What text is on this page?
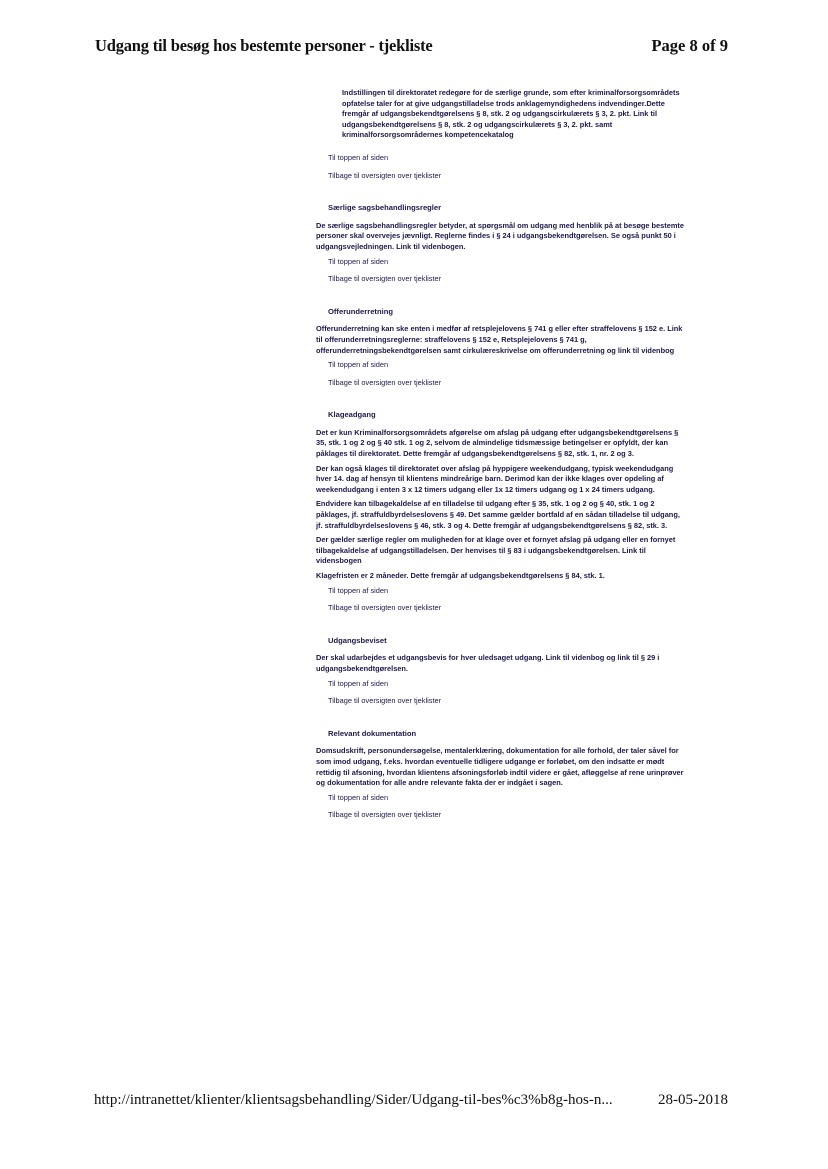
Udgang til besøg hos bestemte personer - tjekliste	Page 8 of 9

Indstillingen til direktoratet redegøre for de særlige grunde, som efter kriminalforsorgsområdets opfatelse taler for at give udgangstilladelse trods anklagemyndighedens indvendinger.Dette fremgår af udgangsbekendtgørelsens § 8, stk. 2 og udgangscirkulærets § 3, 2. pkt. Link til udgangsbekendtgørelsens § 8, stk. 2 og udgangscirkulærets § 3, 2. pkt. samt kriminalforsorgsområdernes kompetencekatalog

Til toppen af siden
Tilbage til oversigten over tjeklister
Særlige sagsbehandlingsregler

De særlige sagsbehandlingsregler betyder, at spørgsmål om udgang med henblik på at besøge bestemte personer skal overvejes jævnligt. Reglerne findes i § 24 i udgangsbekendtgørelsen. Se også punkt 50 i udgangsvejledningen. Link til videnbogen.

Til toppen af siden
Tilbage til oversigten over tjeklister
Offerunderretning

Offerunderretning kan ske enten i medfør af retsplejelovens § 741 g eller efter straffelovens § 152 e. Link til offerunderretningsreglerne: straffelovens § 152 e, Retsplejelovens § 741 g, offerunderretningsbekendtgørelsen samt cirkulæreskrivelse om offerunderretning og link til videnbog

Til toppen af siden
Tilbage til oversigten over tjeklister
Klageadgang

Det er kun Kriminalforsorgsområdets afgørelse om afslag på udgang efter udgangsbekendtgørelsens § 35, stk. 1 og 2 og § 40 stk. 1 og 2, selvom de almindelige tidsmæssige betingelser er opfyldt, der kan påklages til direktoratet. Dette fremgår af udgangsbekendtgørelsens § 82, stk. 1, nr. 2 og 3.

Der kan også klages til direktoratet over afslag på hyppigere weekendudgang, typisk weekendudgang hver 14. dag af hensyn til klientens mindreårige barn. Derimod kan der ikke klages over opdeling af weekendudgang i enten 3 x 12 timers udgang eller 1x 12 timers udgang og 1 x 24 timers udgang.

Endvidere kan tilbagekaldelse af en tilladelse til udgang efter § 35, stk. 1 og 2 og § 40, stk. 1 og 2 påklages, jf. straffuldbyrdelseslovens § 49. Det samme gælder bortfald af en sådan tilladelse til udgang, jf. straffuldbyrdelseslovens § 46, stk. 3 og 4. Dette fremgår af udgangsbekendtgørelsens § 82, stk. 3.

Der gælder særlige regler om muligheden for at klage over et fornyet afslag på udgang eller en fornyet tilbagekaldelse af udgangstilladelsen. Der henvises til § 83 i udgangsbekendtgørelsen. Link til vidensbogen

Klagefristen er 2 måneder. Dette fremgår af udgangsbekendtgørelsens § 84, stk. 1.

Til toppen af siden
Tilbage til oversigten over tjeklister
Udgangsbeviset

Der skal udarbejdes et udgangsbevis for hver uledsaget udgang. Link til videnbog og link til § 29 i udgangsbekendtgørelsen.

Til toppen af siden
Tilbage til oversigten over tjeklister
Relevant dokumentation

Domsudskrift, personundersøgelse, mentalerklæring, dokumentation for alle forhold, der taler såvel for som imod udgang, f.eks. hvordan eventuelle tidligere udgange er forløbet, om den indsatte er mødt rettidig til afsoning, hvordan klientens afsoningsforløb indtil videre er gået, afløggelse af rene urinprøver og dokumentation for alle andre relevante fakta der er indgået i sagen.

Til toppen af siden
Tilbage til oversigten over tjeklister
http://intranettet/klienter/klientsagsbehandling/Sider/Udgang-til-bes%c3%b8g-hos-n...	28-05-2018
